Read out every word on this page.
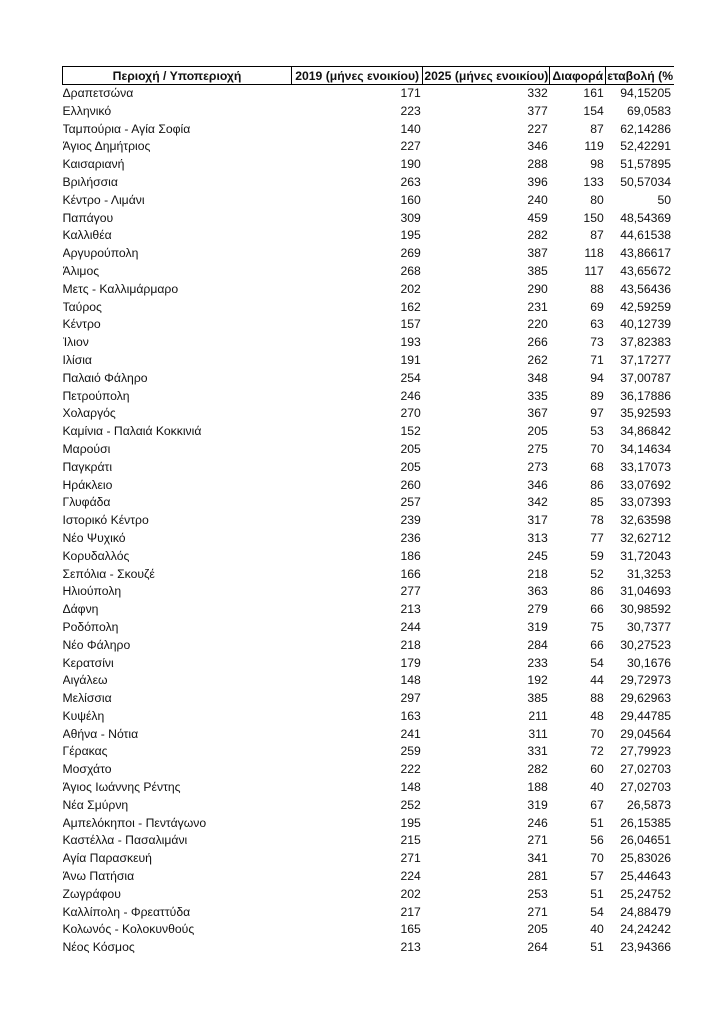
Περιοχή / Υποπεριοχή	2019 (μήνες ενοικίου)	2025 (μήνες ενοικίου)	Διαφορά	εταβολή (%
Δραπετσώνα	171	332	161	94,15205
Ελληνικό	223	377	154	69,0583
Ταμπούρια - Αγία Σοφία	140	227	87	62,14286
Άγιος Δημήτριος	227	346	119	52,42291
Καισαριανή	190	288	98	51,57895
Βριλήσσια	263	396	133	50,57034
Κέντρο - Λιμάνι	160	240	80	50
Παπάγου	309	459	150	48,54369
Καλλιθέα	195	282	87	44,61538
Αργυρούπολη	269	387	118	43,86617
Άλιμος	268	385	117	43,65672
Μετς - Καλλιμάρμαρο	202	290	88	43,56436
Ταύρος	162	231	69	42,59259
Κέντρο	157	220	63	40,12739
Ίλιον	193	266	73	37,82383
Ιλίσια	191	262	71	37,17277
Παλαιό Φάληρο	254	348	94	37,00787
Πετρούπολη	246	335	89	36,17886
Χολαργός	270	367	97	35,92593
Καμίνια - Παλαιά Κοκκινιά	152	205	53	34,86842
Μαρούσι	205	275	70	34,14634
Παγκράτι	205	273	68	33,17073
Ηράκλειο	260	346	86	33,07692
Γλυφάδα	257	342	85	33,07393
Ιστορικό Κέντρο	239	317	78	32,63598
Νέο Ψυχικό	236	313	77	32,62712
Κορυδαλλός	186	245	59	31,72043
Σεπόλια - Σκουζέ	166	218	52	31,3253
Ηλιούπολη	277	363	86	31,04693
Δάφνη	213	279	66	30,98592
Ροδόπολη	244	319	75	30,7377
Νέο Φάληρο	218	284	66	30,27523
Κερατσίνι	179	233	54	30,1676
Αιγάλεω	148	192	44	29,72973
Μελίσσια	297	385	88	29,62963
Κυψέλη	163	211	48	29,44785
Αθήνα - Νότια	241	311	70	29,04564
Γέρακας	259	331	72	27,79923
Μοσχάτο	222	282	60	27,02703
Άγιος Ιωάννης Ρέντης	148	188	40	27,02703
Νέα Σμύρνη	252	319	67	26,5873
Αμπελόκηποι - Πεντάγωνο	195	246	51	26,15385
Καστέλλα - Πασαλιμάνι	215	271	56	26,04651
Αγία Παρασκευή	271	341	70	25,83026
Άνω Πατήσια	224	281	57	25,44643
Ζωγράφου	202	253	51	25,24752
Καλλίπολη - Φρεαττύδα	217	271	54	24,88479
Κολωνός - Κολοκυνθούς	165	205	40	24,24242
Νέος Κόσμος	213	264	51	23,94366
